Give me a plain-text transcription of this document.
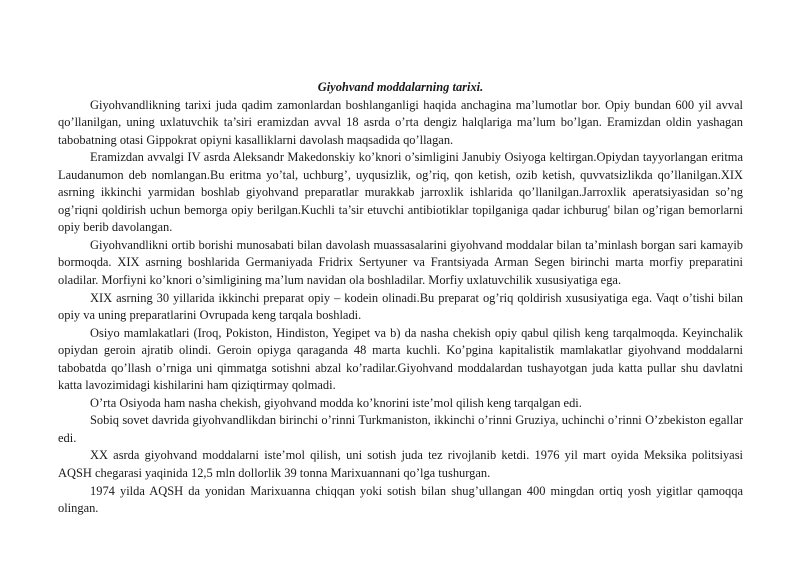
Giyohvand moddalarning tarixi.

Giyohvandlikning tarixi juda qadim zamonlardan boshlanganligi haqida anchagina ma’lumotlar bor. Opiy bundan 600 yil avval qo’llanilgan, uning uxlatuvchik ta’siri eramizdan avval 18 asrda o’rta dengiz halqlariga ma’lum bo’lgan. Eramizdan oldin yashagan tabobatning otasi Gippokrat opiyni kasalliklarni davolash maqsadida qo’llagan.

Eramizdan avvalgi IV asrda Aleksandr Makedonskiy ko’knori o’simligini Janubiy Osiyoga keltirgan.Opiydan tayyorlangan eritma Laudanumon deb nomlangan.Bu eritma yo’tal, uchburg’, uyqusizlik, og’riq, qon ketish, ozib ketish, quvvatsizlikda qo’llanilgan.XIX asrning ikkinchi yarmidan boshlab giyohvand preparatlar murakkab jarroxlik ishlarida qo’llanilgan.Jarroxlik aperatsiyasidan so’ng og’riqni qoldirish uchun bemorga opiy berilgan.Kuchli ta’sir etuvchi antibiotiklar topilganiga qadar ichburug' bilan og’rigan bemorlarni opiy berib davolangan.

Giyohvandlikni ortib borishi munosabati bilan davolash muassasalarini giyohvand moddalar bilan ta’minlash borgan sari kamayib bormoqda. XIX asrning boshlarida Germaniyada Fridrix Sertyuner va Frantsiyada Arman Segen birinchi marta morfiy preparatini oladilar. Morfiyni ko’knori o’simligining ma’lum navidan ola boshladilar. Morfiy uxlatuvchilik xususiyatiga ega.

XIX asrning 30 yillarida ikkinchi preparat opiy – kodein olinadi.Bu preparat og’riq qoldirish xususiyatiga ega. Vaqt o’tishi bilan opiy va uning preparatlarini Ovrupada keng tarqala boshladi.

Osiyo mamlakatlari (Iroq, Pokiston, Hindiston, Yegipet va b) da nasha chekish opiy qabul qilish keng tarqalmoqda. Keyinchalik opiydan geroin ajratib olindi. Geroin opiyga qaraganda 48 marta kuchli. Ko’pgina kapitalistik mamlakatlar giyohvand moddalarni tabobatda qo’llash o’rniga uni qimmatga sotishni abzal ko’radilar.Giyohvand moddalardan tushayotgan juda katta pullar shu davlatni katta lavozimidagi kishilarini ham qiziqtirmay qolmadi.

O’rta Osiyoda ham nasha chekish, giyohvand modda ko’knorini iste’mol qilish keng tarqalgan edi.

Sobiq sovet davrida giyohvandlikdan birinchi o’rinni Turkmaniston, ikkinchi o’rinni Gruziya, uchinchi o’rinni O’zbekiston egallar edi.

XX asrda giyohvand moddalarni iste’mol qilish, uni sotish juda tez rivojlanib ketdi. 1976 yil mart oyida Meksika politsiyasi AQSH chegarasi yaqinida 12,5 mln dollorlik 39 tonna Marixuannani qo’lga tushurgan.

1974 yilda AQSH da yonidan Marixuanna chiqqan yoki sotish bilan shug’ullangan 400 mingdan ortiq yosh yigitlar qamoqqa olingan.
